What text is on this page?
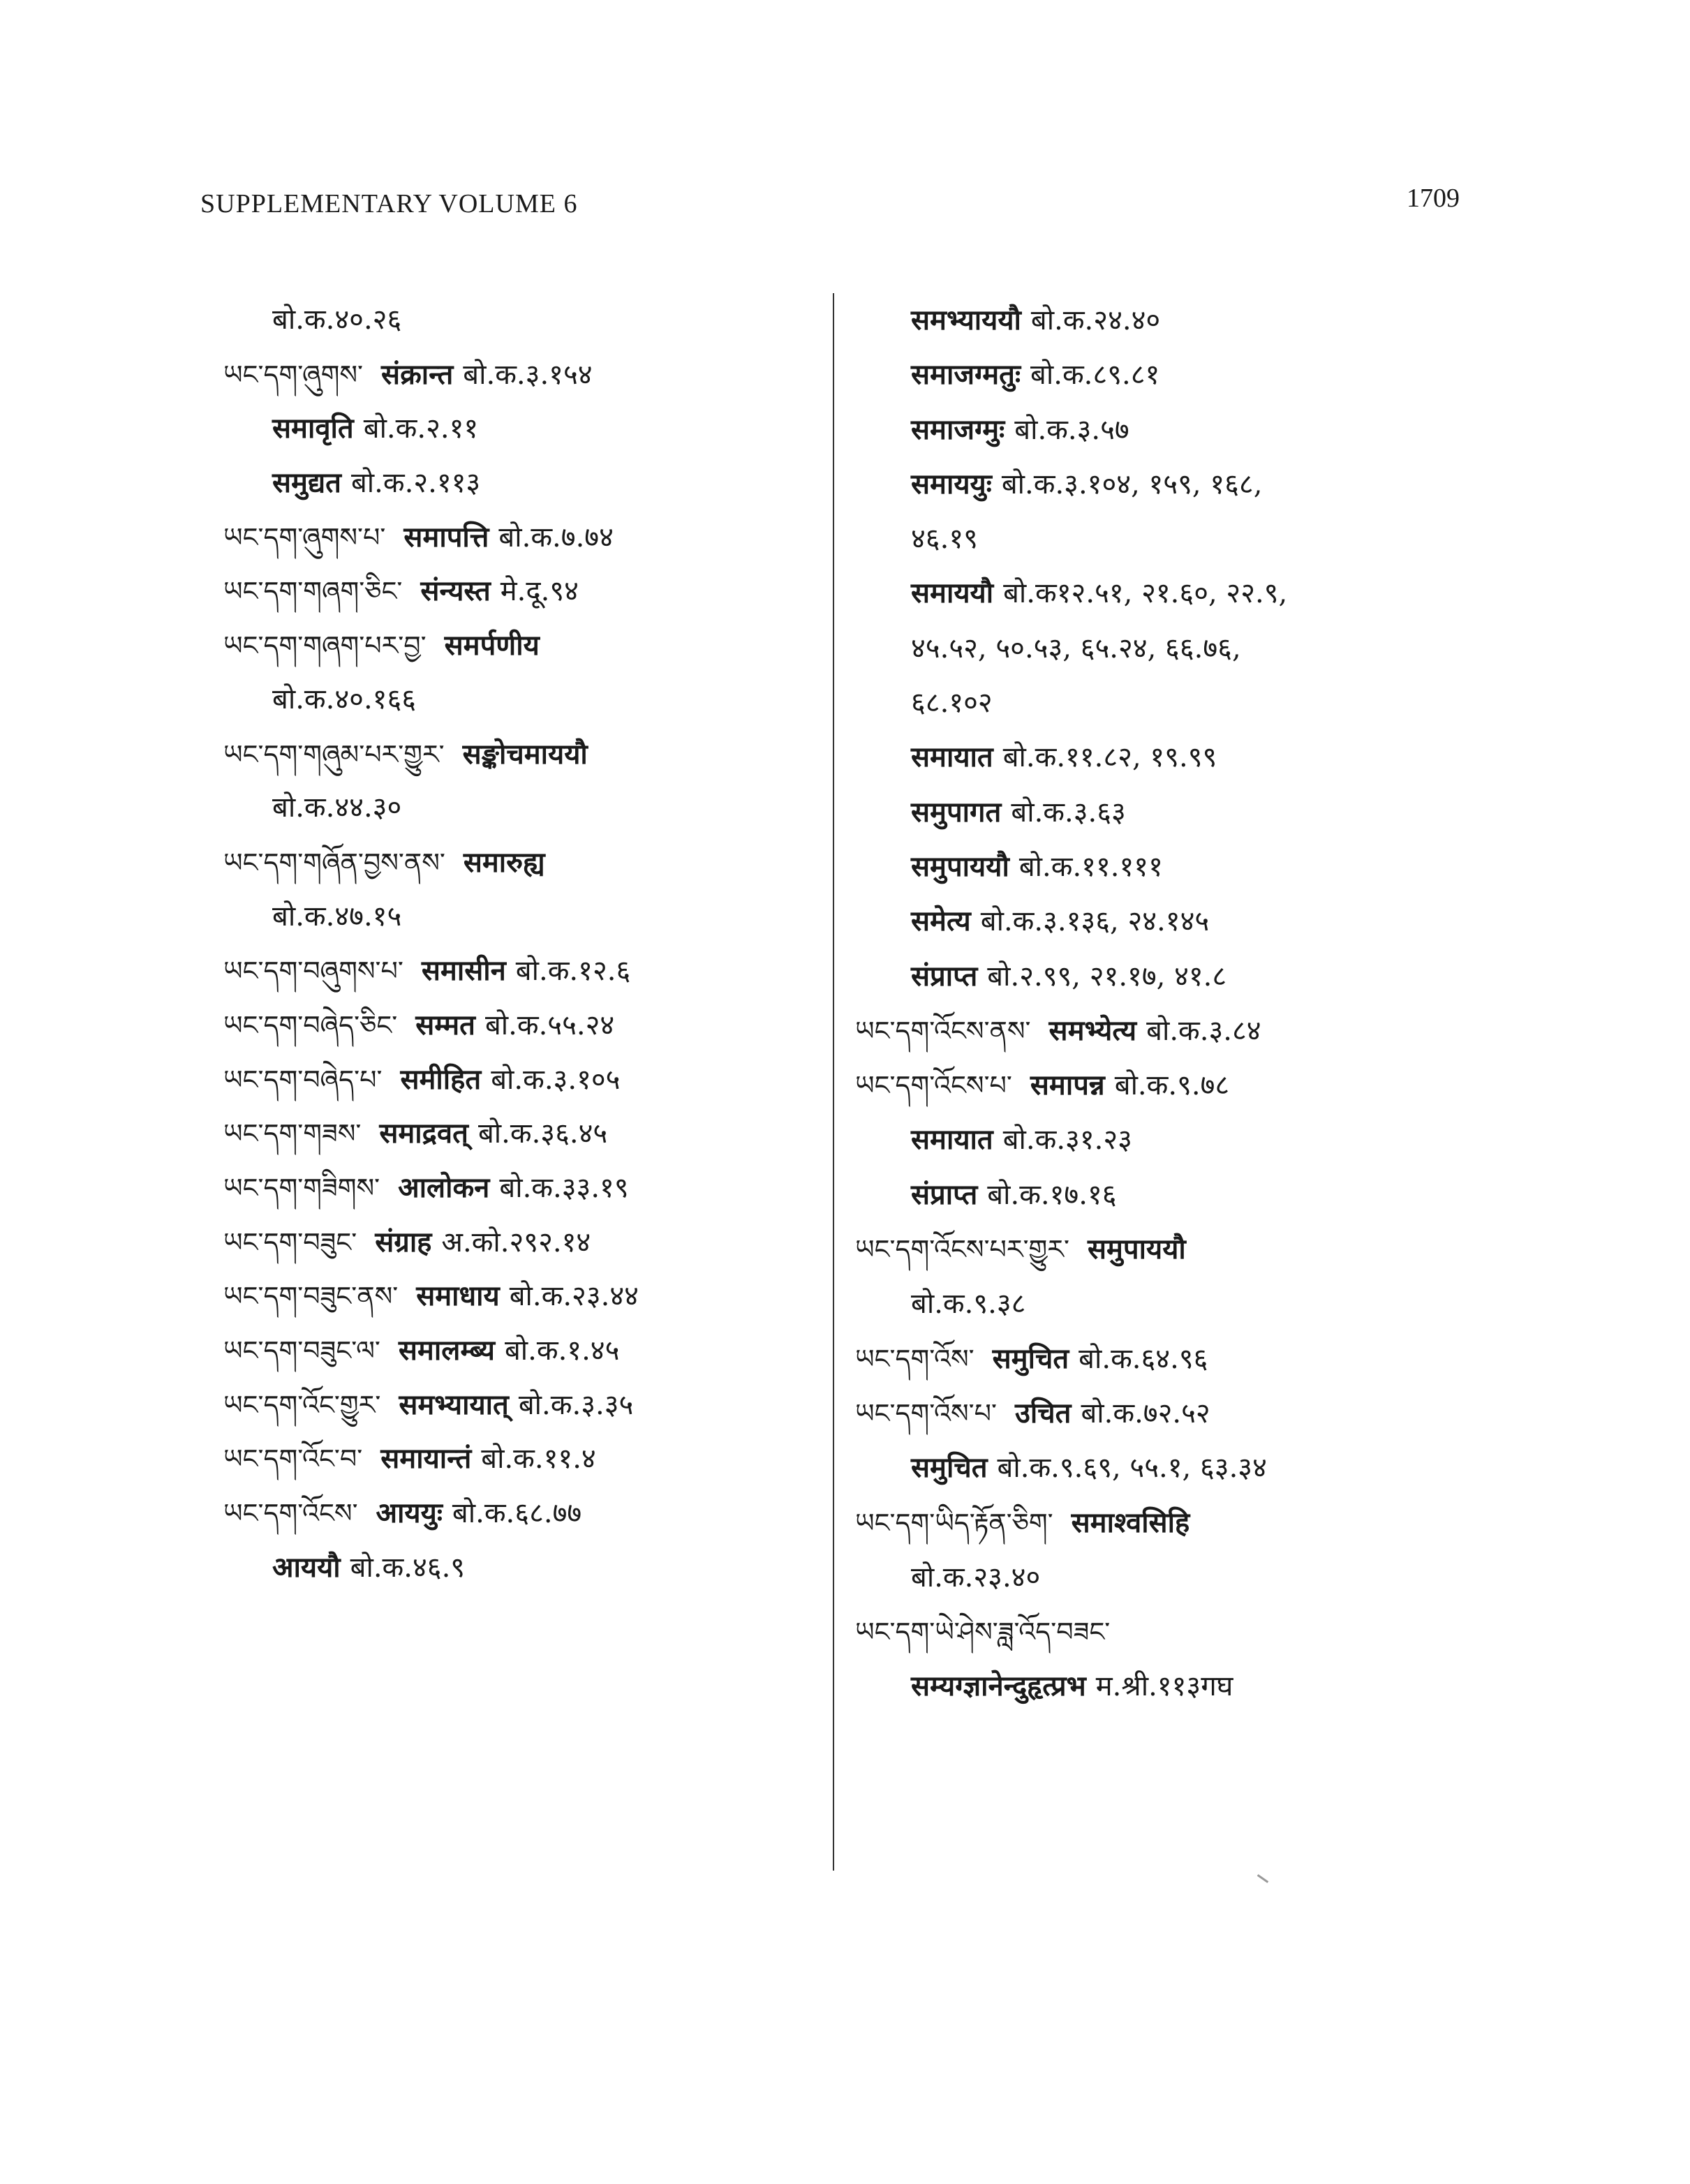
SUPPLEMENTARY VOLUME 6	1709
बो.क.४०.२६
ཡང་དག་ཞུགས་ संक्रान्त बो.क.३.१५४
समावृति बो.क.२.११
समुद्यत बो.क.२.११३
ཡང་དག་ཞུགས་པ་ समापत्ति बो.क.७.७४
ཡང་དག་གཞག་ཅིང་ संन्यस्त मे.दू.९४
ཡང་དག་གཞག་པར་བྱ་ समर्पणीय
बो.क.४०.१६६
ཡང་དག་གཞུམ་པར་གྱུར་ सङ्कोचमाययौ
बो.क.४४.३०
ཡང་དག་གཞོན་བྱས་ནས་ समारुह्य
बो.क.४७.१५
ཡང་དག་བཞུགས་པ་ समासीन बो.क.१२.६
ཡང་དག་བཞེད་ཅིང་ सम्मत बो.क.५५.२४
ཡང་དག་བཞེད་པ་ समीहित बो.क.३.१०५
ཡང་དག་གཟས་ समाद्रवत् बो.क.३६.४५
ཡང་དག་གཟིགས་ आलोकन बो.क.३३.१९
ཡང་དག་བཟུང་ संग्राह अ.को.२९२.१४
ཡང་དག་བཟུང་ནས་ समाधाय बो.क.२३.४४
ཡང་དག་བཟུང་ལ་ समालम्ब्य बो.क.१.४५
ཡང་དག་འོང་གྱུར་ समभ्यायात् बो.क.३.३५
ཡང་དག་འོང་བ་ समायान्तं बो.क.११.४
ཡང་དག་འོངས་ आययुः बो.क.६८.७७
आययौ बो.क.४६.९
समभ्याययौ बो.क.२४.४०
समाजग्मतुः बो.क.८९.८१
समाजग्मुः बो.क.३.५७
समाययुः बो.क.३.१०४, १५९, १६८,
४६.१९
समाययौ बो.क१२.५१, २१.६०, २२.९,
४५.५२, ५०.५३, ६५.२४, ६६.७६,
६८.१०२
समायात बो.क.११.८२, १९.९९
समुपागत बो.क.३.६३
समुपाययौ बो.क.११.१११
समेत्य बो.क.३.१३६, २४.१४५
संप्राप्त बो.२.९९, २१.१७, ४१.८
ཡང་དག་འོངས་ནས་ समभ्येत्य बो.क.३.८४
ཡང་དག་འོངས་པ་ समापन्न बो.क.९.७८
समायात बो.क.३१.२३
संप्राप्त बो.क.१७.१६
ཡང་དག་འོངས་པར་གྱུར་ समुपाययौ
बो.क.९.३८
ཡང་དག་འོས་ समुचित बो.क.६४.९६
ཡང་དག་འོས་པ་ उचित बो.क.७२.५२
समुचित बो.क.९.६९, ५५.१, ६३.३४
ཡང་དག་ཡིད་རྟོན་ཅིག་ समाश्वसिहि
बो.क.२३.४०
ཡང་དག་ཡེ་ཤེས་ཟླ་འོད་བཟང་
सम्यग्ज्ञानेन्दुहृत्प्रभ म.श्री.११३गघ
